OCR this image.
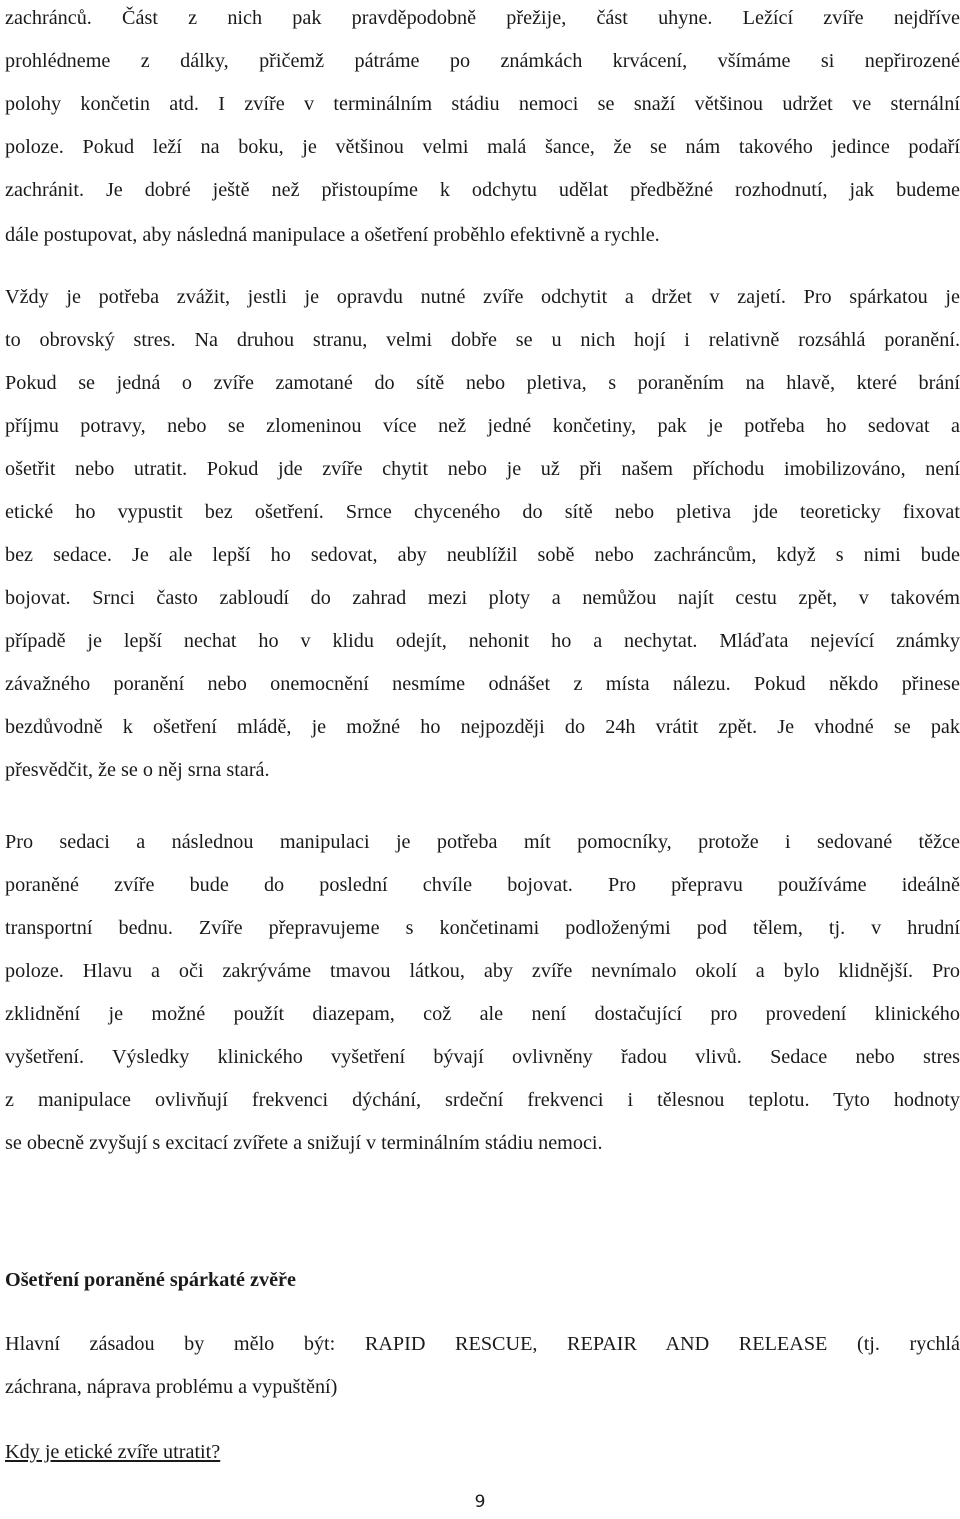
zachránců. Část z nich pak pravděpodobně přežije, část uhyne. Ležící zvíře nejdříve
prohlédneme z dálky, přičemž pátráme po známkách krvácení, všímáme si nepřirozené
polohy končetin atd. I zvíře v terminálním stádiu nemoci se snaží většinou udržet ve sternální
poloze. Pokud leží na boku, je většinou velmi malá šance, že se nám takového jedince podaří
zachránit. Je dobré ještě než přistoupíme k odchytu udělat předběžné rozhodnutí, jak budeme
dále postupovat, aby následná manipulace a ošetření proběhlo efektivně a rychle.
Vždy je potřeba zvážit, jestli je opravdu nutné zvíře odchytit a držet v zajetí. Pro spárkatou je
to obrovský stres. Na druhou stranu, velmi dobře se u nich hojí i relativně rozsáhlá poranění.
Pokud se jedná o zvíře zamotané do sítě nebo pletiva, s poraněním na hlavě, které brání
příjmu potravy, nebo se zlomeninou více než jedné končetiny, pak je potřeba ho sedovat a
ošetřit nebo utratit. Pokud jde zvíře chytit nebo je už při našem příchodu imobilizováno, není
etické ho vypustit bez ošetření. Srnce chyceného do sítě nebo pletiva jde teoreticky fixovat
bez sedace. Je ale lepší ho sedovat, aby neublížil sobě nebo zachráncům, když s nimi bude
bojovat. Srnci často zabloudí do zahrad mezi ploty a nemůžou najít cestu zpět, v takovém
případě je lepší nechat ho v klidu odejít, nehonit ho a nechytat. Mláďata nejevící známky
závažného poranění nebo onemocnění nesmíme odnášet z místa nálezu. Pokud někdo přinese
bezdůvodně k ošetření mládě, je možné ho nejpozději do 24h vrátit zpět. Je vhodné se pak
přesvědčit, že se o něj srna stará.
Pro sedaci a následnou manipulaci je potřeba mít pomocníky, protože i sedované těžce
poraněné zvíře bude do poslední chvíle bojovat. Pro přepravu používáme ideálně
transportní bednu. Zvíře přepravujeme s končetinami podloženými pod tělem, tj. v hrudní
poloze. Hlavu a oči zakrýváme tmavou látkou, aby zvíře nevnímalo okolí a bylo klidnější. Pro
zklidnění je možné použít diazepam, což ale není dostačující pro provedení klinického
vyšetření. Výsledky klinického vyšetření bývají ovlivněny řadou vlivů. Sedace nebo stres
z manipulace ovlivňují frekvenci dýchání, srdeční frekvenci i tělesnou teplotu. Tyto hodnoty
se obecně zvyšují s excitací zvířete a snižují v terminálním stádiu nemoci.
Ošetření poraněné spárkaté zvěře
Hlavní zásadou by mělo být: RAPID RESCUE, REPAIR AND RELEASE (tj. rychlá
záchrana, náprava problému a vypuštění)
Kdy je etické zvíře utratit?
9
